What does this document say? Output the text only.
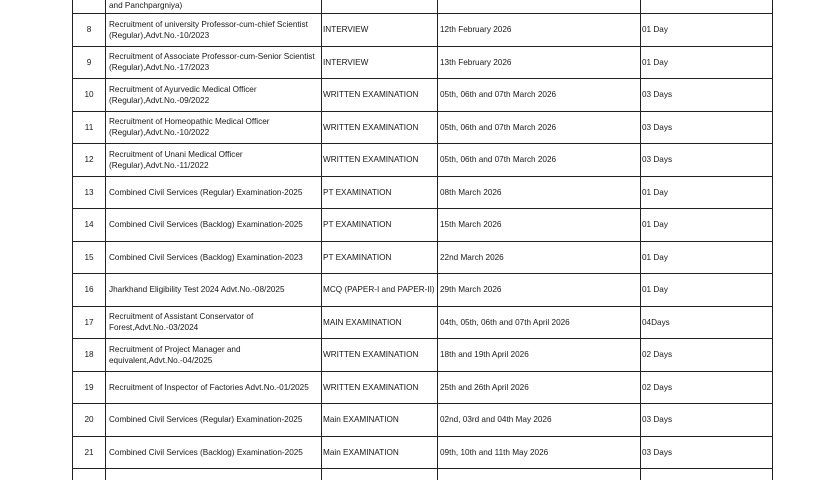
	and Panchpargniya)			
8	Recruitment of university Professor-cum-chief Scientist (Regular),Advt.No.-10/2023	INTERVIEW	12th February 2026	01 Day
9	Recruitment of Associate Professor-cum-Senior Scientist (Regular),Advt.No.-17/2023	INTERVIEW	13th February 2026	01 Day
10	Recruitment of Ayurvedic Medical Officer (Regular),Advt.No.-09/2022	WRITTEN EXAMINATION	05th, 06th and 07th March 2026	03 Days
11	Recruitment of Homeopathic Medical Officer (Regular),Advt.No.-10/2022	WRITTEN EXAMINATION	05th, 06th and 07th March 2026	03 Days
12	Recruitment of Unani Medical Officer (Regular),Advt.No.-11/2022	WRITTEN EXAMINATION	05th, 06th and 07th March 2026	03 Days
13	Combined Civil Services (Regular) Examination-2025	PT EXAMINATION	08th March 2026	01 Day
14	Combined Civil Services (Backlog) Examination-2025	PT EXAMINATION	15th March 2026	01 Day
15	Combined Civil Services (Backlog) Examination-2023	PT EXAMINATION	22nd March 2026	01 Day
16	Jharkhand Eligibility Test 2024 Advt.No.-08/2025	MCQ (PAPER-I and PAPER-II)	29th March 2026	01 Day
17	Recruitment of Assistant Conservator of Forest,Advt.No.-03/2024	MAIN EXAMINATION	04th, 05th, 06th and 07th April 2026	04Days
18	Recruitment of Project Manager and equivalent,Advt.No.-04/2025	WRITTEN EXAMINATION	18th and 19th April 2026	02 Days
19	Recruitment of Inspector of Factories Advt.No.-01/2025	WRITTEN EXAMINATION	25th and 26th April 2026	02 Days
20	Combined Civil Services (Regular) Examination-2025	Main EXAMINATION	02nd, 03rd and 04th May 2026	03 Days
21	Combined Civil Services (Backlog) Examination-2025	Main EXAMINATION	09th, 10th and 11th May 2026	03 Days
